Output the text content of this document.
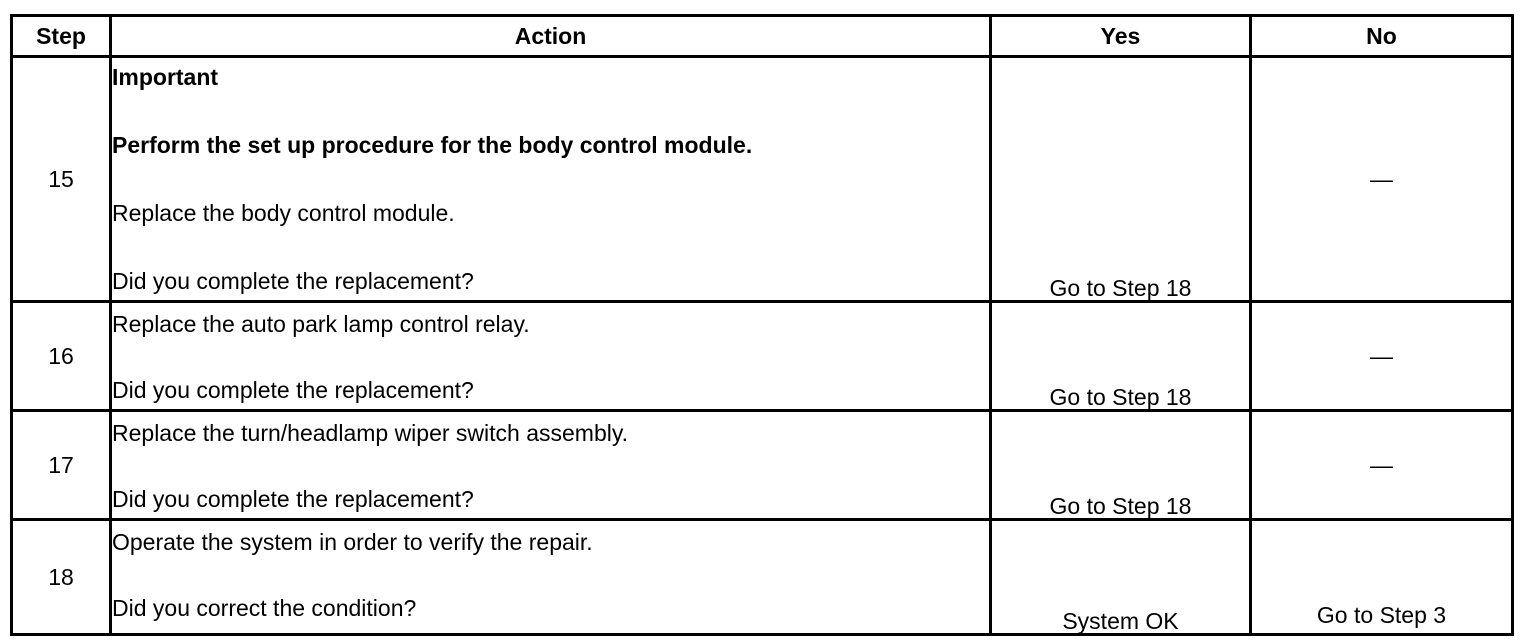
Step	Action	Yes	No
15	Important
Perform the set up procedure for the body control module.
Replace the body control module.
Did you complete the replacement?	Go to Step 18	—
16	Replace the auto park lamp control relay.
Did you complete the replacement?	Go to Step 18	—
17	Replace the turn/headlamp wiper switch assembly.
Did you complete the replacement?	Go to Step 18	—
18	Operate the system in order to verify the repair.
Did you correct the condition?	System OK	Go to Step 3
